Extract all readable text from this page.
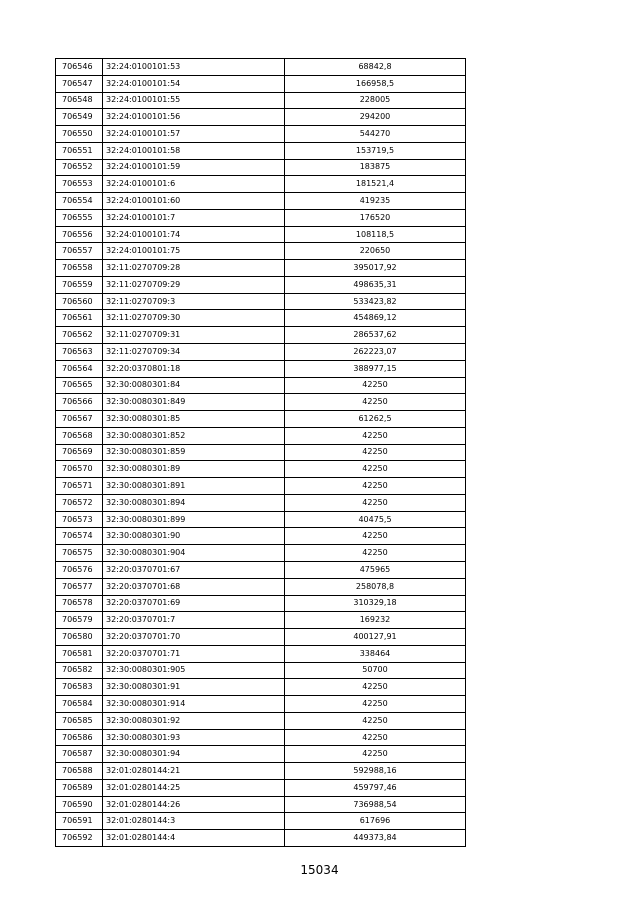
706546	32:24:0100101:53	68842,8
706547	32:24:0100101:54	166958,5
706548	32:24:0100101:55	228005
706549	32:24:0100101:56	294200
706550	32:24:0100101:57	544270
706551	32:24:0100101:58	153719,5
706552	32:24:0100101:59	183875
706553	32:24:0100101:6	181521,4
706554	32:24:0100101:60	419235
706555	32:24:0100101:7	176520
706556	32:24:0100101:74	108118,5
706557	32:24:0100101:75	220650
706558	32:11:0270709:28	395017,92
706559	32:11:0270709:29	498635,31
706560	32:11:0270709:3	533423,82
706561	32:11:0270709:30	454869,12
706562	32:11:0270709:31	286537,62
706563	32:11:0270709:34	262223,07
706564	32:20:0370801:18	388977,15
706565	32:30:0080301:84	42250
706566	32:30:0080301:849	42250
706567	32:30:0080301:85	61262,5
706568	32:30:0080301:852	42250
706569	32:30:0080301:859	42250
706570	32:30:0080301:89	42250
706571	32:30:0080301:891	42250
706572	32:30:0080301:894	42250
706573	32:30:0080301:899	40475,5
706574	32:30:0080301:90	42250
706575	32:30:0080301:904	42250
706576	32:20:0370701:67	475965
706577	32:20:0370701:68	258078,8
706578	32:20:0370701:69	310329,18
706579	32:20:0370701:7	169232
706580	32:20:0370701:70	400127,91
706581	32:20:0370701:71	338464
706582	32:30:0080301:905	50700
706583	32:30:0080301:91	42250
706584	32:30:0080301:914	42250
706585	32:30:0080301:92	42250
706586	32:30:0080301:93	42250
706587	32:30:0080301:94	42250
706588	32:01:0280144:21	592988,16
706589	32:01:0280144:25	459797,46
706590	32:01:0280144:26	736988,54
706591	32:01:0280144:3	617696
706592	32:01:0280144:4	449373,84
15034
